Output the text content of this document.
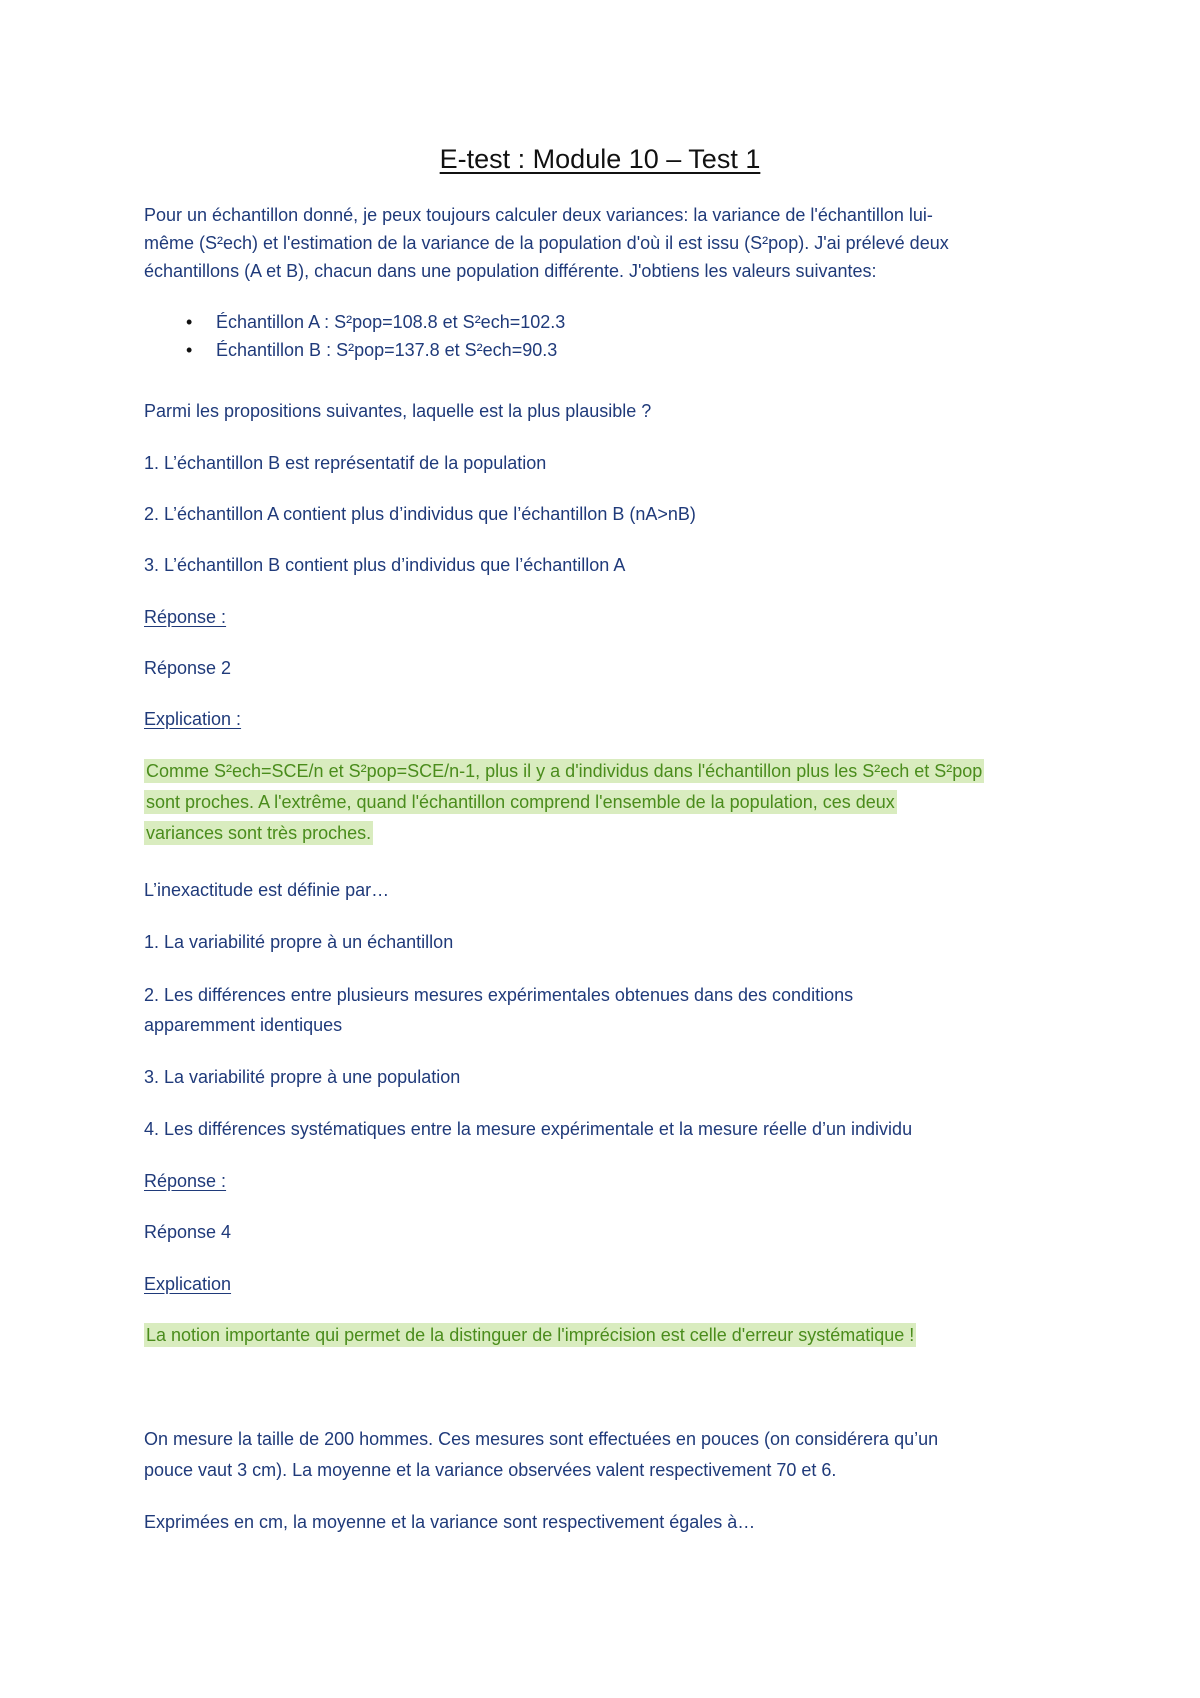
E-test : Module 10 – Test 1
Pour un échantillon donné, je peux toujours calculer deux variances: la variance de l'échantillon lui-
même (S²ech) et l'estimation de la variance de la population d'où il est issu (S²pop). J'ai prélevé deux
échantillons (A et B), chacun dans une population différente. J'obtiens les valeurs suivantes:
• Échantillon A : S²pop=108.8 et S²ech=102.3
• Échantillon B : S²pop=137.8 et S²ech=90.3
Parmi les propositions suivantes, laquelle est la plus plausible ?
1. L’échantillon B est représentatif de la population
2. L’échantillon A contient plus d’individus que l’échantillon B (nA>nB)
3. L’échantillon B contient plus d’individus que l’échantillon A
Réponse :
Réponse 2
Explication :
Comme S²ech=SCE/n et S²pop=SCE/n-1, plus il y a d'individus dans l'échantillon plus les S²ech et S²pop
sont proches. A l'extrême, quand l'échantillon comprend l'ensemble de la population, ces deux
variances sont très proches.
L’inexactitude est définie par…
1. La variabilité propre à un échantillon
2. Les différences entre plusieurs mesures expérimentales obtenues dans des conditions
apparemment identiques
3. La variabilité propre à une population
4. Les différences systématiques entre la mesure expérimentale et la mesure réelle d’un individu
Réponse :
Réponse 4
Explication
La notion importante qui permet de la distinguer de l'imprécision est celle d'erreur systématique !
On mesure la taille de 200 hommes. Ces mesures sont effectuées en pouces (on considérera qu’un
pouce vaut 3 cm). La moyenne et la variance observées valent respectivement 70 et 6.
Exprimées en cm, la moyenne et la variance sont respectivement égales à…
